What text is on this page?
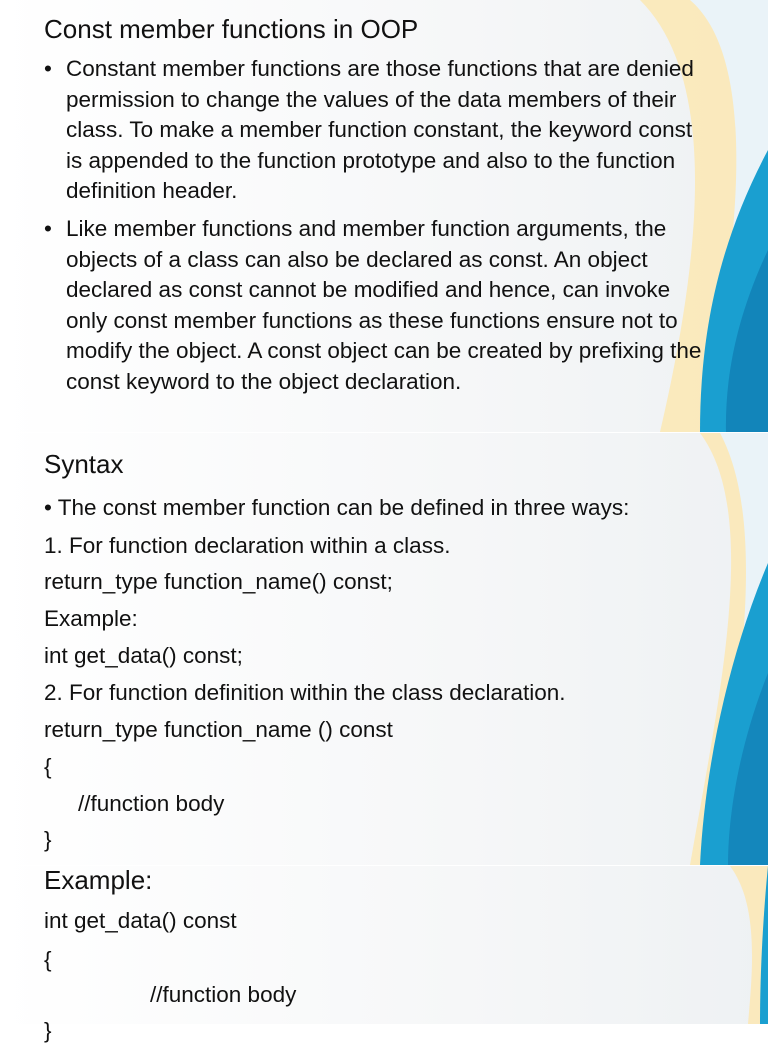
Const member functions in OOP
• Constant member functions are those functions that are denied permission to change the values of the data members of their class. To make a member function constant, the keyword const is appended to the function prototype and also to the function definition header.
• Like member functions and member function arguments, the objects of a class can also be declared as const. An object declared as const cannot be modified and hence, can invoke only const member functions as these functions ensure not to modify the object. A const object can be created by prefixing the const keyword to the object declaration.
Syntax
• The const member function can be defined in three ways:
1. For function declaration within a class.
return_type function_name() const;
Example:
int get_data() const;
2. For function definition within the class declaration.
return_type function_name () const
{
//function body
}
Example:
int get_data() const
{
//function body
}
